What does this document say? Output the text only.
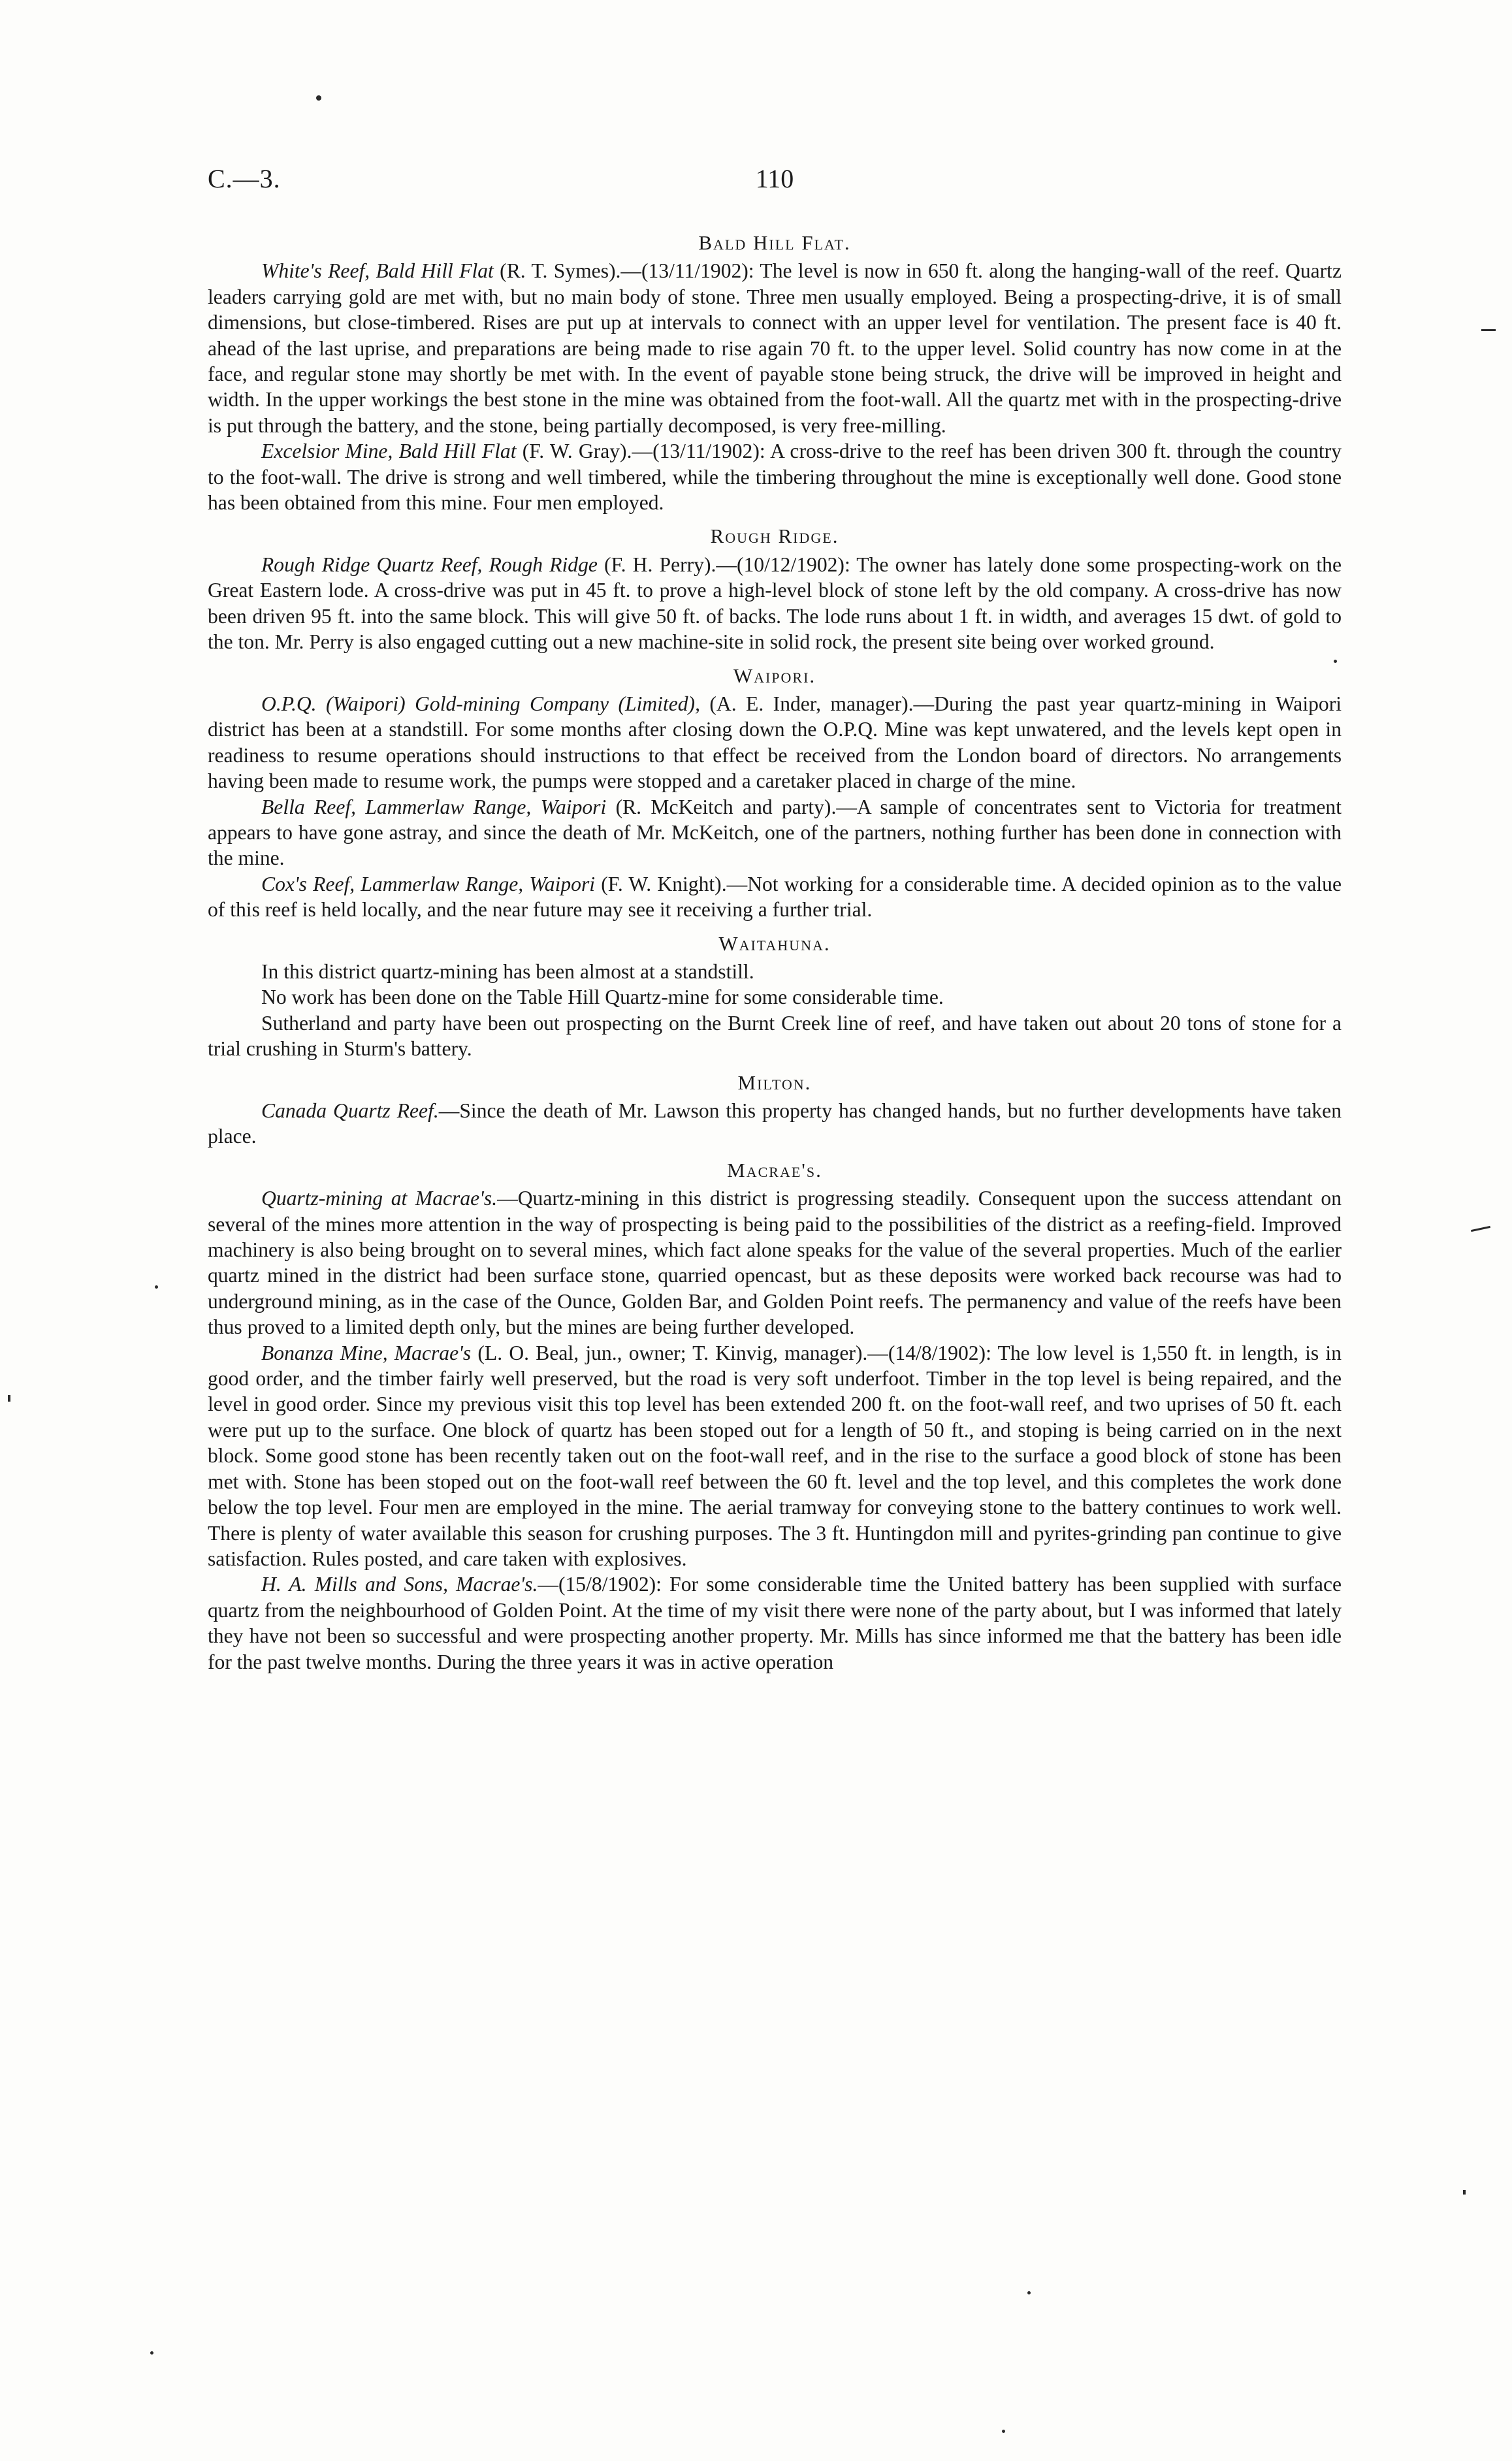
C.—3.	110
Bald Hill Flat.

White's Reef, Bald Hill Flat (R. T. Symes).—(13/11/1902): The level is now in 650 ft. along the hanging-wall of the reef. Quartz leaders carrying gold are met with, but no main body of stone. Three men usually employed. Being a prospecting-drive, it is of small dimensions, but close-timbered. Rises are put up at intervals to connect with an upper level for ventilation. The present face is 40 ft. ahead of the last uprise, and preparations are being made to rise again 70 ft. to the upper level. Solid country has now come in at the face, and regular stone may shortly be met with. In the event of payable stone being struck, the drive will be improved in height and width. In the upper workings the best stone in the mine was obtained from the foot-wall. All the quartz met with in the prospecting-drive is put through the battery, and the stone, being partially decomposed, is very free-milling.

Excelsior Mine, Bald Hill Flat (F. W. Gray).—(13/11/1902): A cross-drive to the reef has been driven 300 ft. through the country to the foot-wall. The drive is strong and well timbered, while the timbering throughout the mine is exceptionally well done. Good stone has been obtained from this mine. Four men employed.

Rough Ridge.

Rough Ridge Quartz Reef, Rough Ridge (F. H. Perry).—(10/12/1902): The owner has lately done some prospecting-work on the Great Eastern lode. A cross-drive was put in 45 ft. to prove a high-level block of stone left by the old company. A cross-drive has now been driven 95 ft. into the same block. This will give 50 ft. of backs. The lode runs about 1 ft. in width, and averages 15 dwt. of gold to the ton. Mr. Perry is also engaged cutting out a new machine-site in solid rock, the present site being over worked ground.

Waipori.

O.P.Q. (Waipori) Gold-mining Company (Limited), (A. E. Inder, manager).—During the past year quartz-mining in Waipori district has been at a standstill. For some months after closing down the O.P.Q. Mine was kept unwatered, and the levels kept open in readiness to resume operations should instructions to that effect be received from the London board of directors. No arrangements having been made to resume work, the pumps were stopped and a caretaker placed in charge of the mine.

Bella Reef, Lammerlaw Range, Waipori (R. McKeitch and party).—A sample of concentrates sent to Victoria for treatment appears to have gone astray, and since the death of Mr. McKeitch, one of the partners, nothing further has been done in connection with the mine.

Cox's Reef, Lammerlaw Range, Waipori (F. W. Knight).—Not working for a considerable time. A decided opinion as to the value of this reef is held locally, and the near future may see it receiving a further trial.

Waitahuna.

In this district quartz-mining has been almost at a standstill.

No work has been done on the Table Hill Quartz-mine for some considerable time.

Sutherland and party have been out prospecting on the Burnt Creek line of reef, and have taken out about 20 tons of stone for a trial crushing in Sturm's battery.

Milton.

Canada Quartz Reef.—Since the death of Mr. Lawson this property has changed hands, but no further developments have taken place.

Macrae's.

Quartz-mining at Macrae's.—Quartz-mining in this district is progressing steadily. Consequent upon the success attendant on several of the mines more attention in the way of prospecting is being paid to the possibilities of the district as a reefing-field. Improved machinery is also being brought on to several mines, which fact alone speaks for the value of the several properties. Much of the earlier quartz mined in the district had been surface stone, quarried opencast, but as these deposits were worked back recourse was had to underground mining, as in the case of the Ounce, Golden Bar, and Golden Point reefs. The permanency and value of the reefs have been thus proved to a limited depth only, but the mines are being further developed.

Bonanza Mine, Macrae's (L. O. Beal, jun., owner; T. Kinvig, manager).—(14/8/1902): The low level is 1,550 ft. in length, is in good order, and the timber fairly well preserved, but the road is very soft underfoot. Timber in the top level is being repaired, and the level in good order. Since my previous visit this top level has been extended 200 ft. on the foot-wall reef, and two uprises of 50 ft. each were put up to the surface. One block of quartz has been stoped out for a length of 50 ft., and stoping is being carried on in the next block. Some good stone has been recently taken out on the foot-wall reef, and in the rise to the surface a good block of stone has been met with. Stone has been stoped out on the foot-wall reef between the 60 ft. level and the top level, and this completes the work done below the top level. Four men are employed in the mine. The aerial tramway for conveying stone to the battery continues to work well. There is plenty of water available this season for crushing purposes. The 3 ft. Huntingdon mill and pyrites-grinding pan continue to give satisfaction. Rules posted, and care taken with explosives.

H. A. Mills and Sons, Macrae's.—(15/8/1902): For some considerable time the United battery has been supplied with surface quartz from the neighbourhood of Golden Point. At the time of my visit there were none of the party about, but I was informed that lately they have not been so successful and were prospecting another property. Mr. Mills has since informed me that the battery has been idle for the past twelve months. During the three years it was in active operation
